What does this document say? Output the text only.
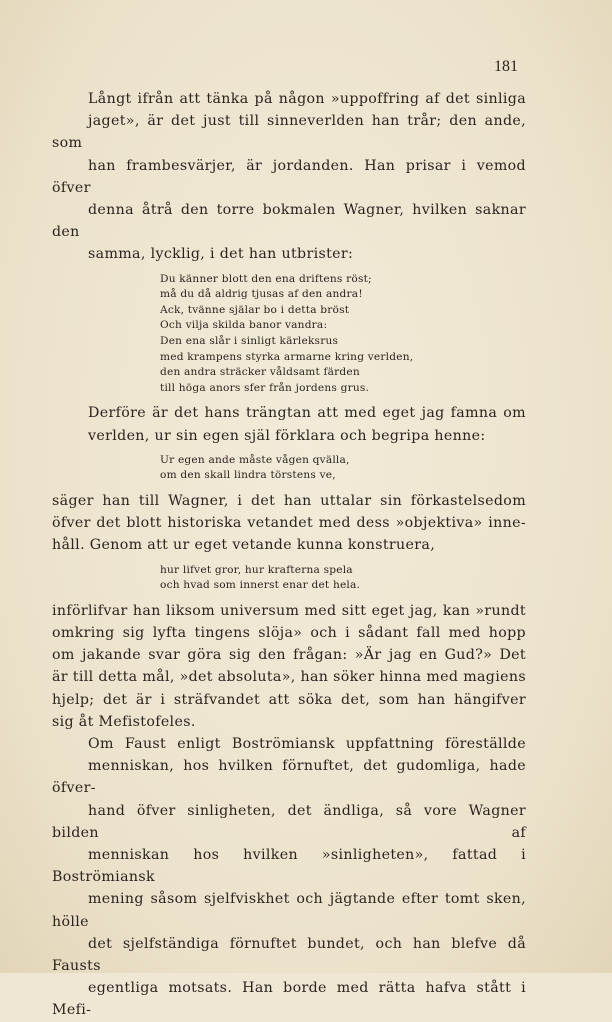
181
Långt ifrån att tänka på någon »uppoffring af det sinliga
jaget», är det just till sinneverlden han trår; den ande, som
han frambesvärjer, är jordanden. Han prisar i vemod öfver
denna åtrå den torre bokmalen Wagner, hvilken saknar den
samma, lycklig, i det han utbrister:
Du känner blott den ena driftens röst;
må du då aldrig tjusas af den andra!
Ack, tvänne själar bo i detta bröst
Och vilja skilda banor vandra:
Den ena slår i sinligt kärleksrus
med krampens styrka armarne kring verlden,
den andra sträcker våldsamt färden
till höga anors sfer från jordens grus.
Derföre är det hans trängtan att med eget jag famna om
verlden, ur sin egen själ förklara och begripa henne:
Ur egen ande måste vågen qvälla,
om den skall lindra törstens ve,
säger han till Wagner, i det han uttalar sin förkastelsedom
öfver det blott historiska vetandet med dess »objektiva» inne-
håll. Genom att ur eget vetande kunna konstruera,
hur lifvet gror, hur krafterna spela
och hvad som innerst enar det hela.
införlifvar han liksom universum med sitt eget jag, kan »rundt
omkring sig lyfta tingens slöja» och i sådant fall med hopp
om jakande svar göra sig den frågan: »Är jag en Gud?» Det
är till detta mål, »det absoluta», han söker hinna med magiens
hjelp; det är i sträfvandet att söka det, som han hängifver
sig åt Mefistofeles.
Om Faust enligt Boströmiansk uppfattning föreställde
menniskan, hos hvilken förnuftet, det gudomliga, hade öfver-
hand öfver sinligheten, det ändliga, så vore Wagner bilden af
menniskan hos hvilken »sinligheten», fattad i Boströmiansk
mening såsom sjelfviskhet och jägtande efter tomt sken, hölle
det sjelfständiga förnuftet bundet, och han blefve då Fausts
egentliga motsats. Han borde med rätta hafva stått i Mefi-
